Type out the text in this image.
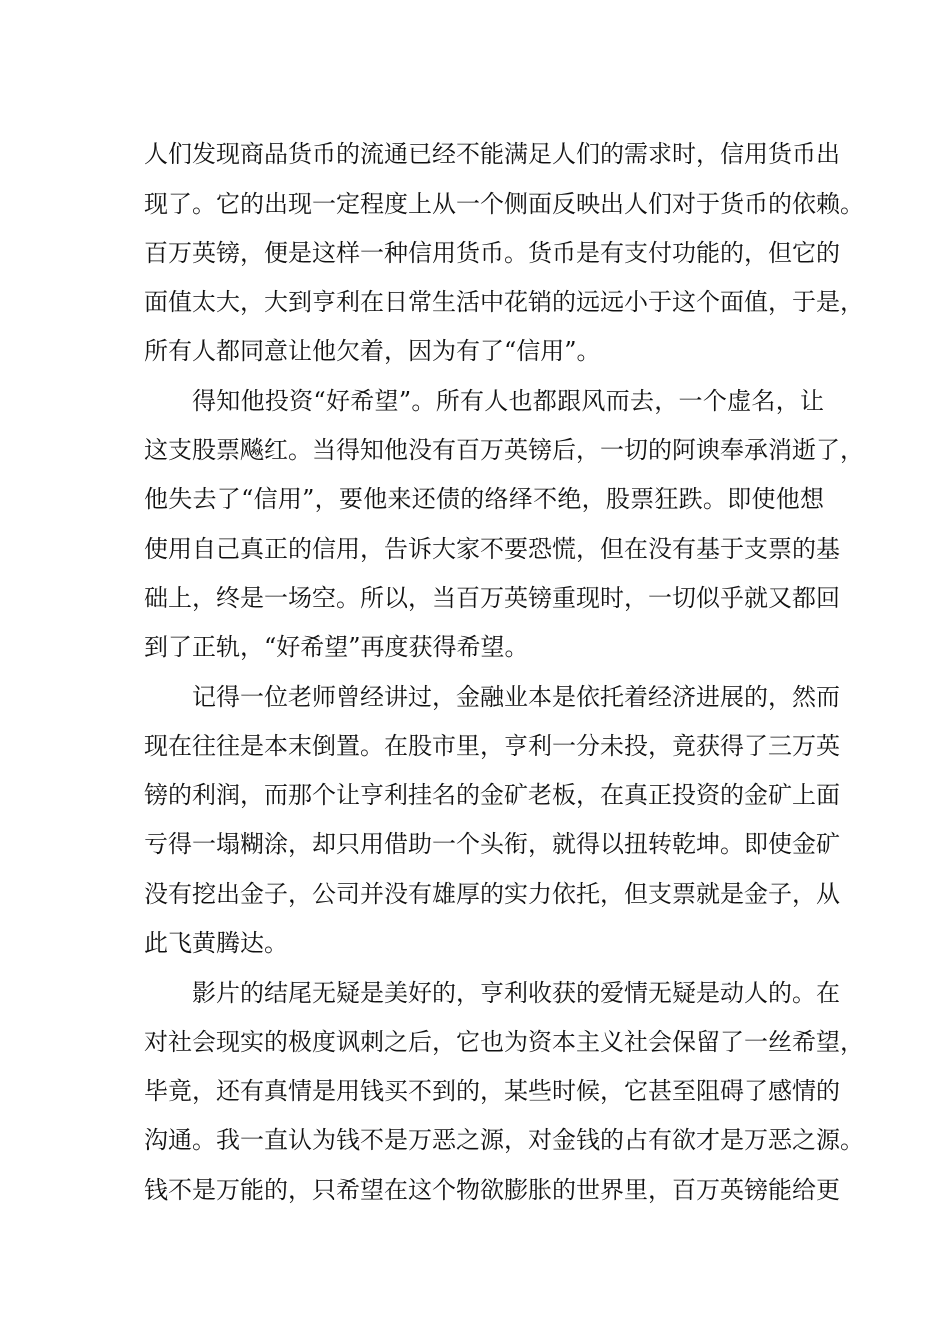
人们发现商品货币的流通已经不能满足人们的需求时，信用货币出
现了。它的出现一定程度上从一个侧面反映出人们对于货币的依赖。
百万英镑，便是这样一种信用货币。货币是有支付功能的，但它的
面值太大，大到亨利在日常生活中花销的远远小于这个面值，于是，
所有人都同意让他欠着，因为有了“信用”。
得知他投资“好希望”。所有人也都跟风而去，一个虚名，让
这支股票飚红。当得知他没有百万英镑后，一切的阿谀奉承消逝了，
他失去了“信用”，要他来还债的络绎不绝，股票狂跌。即使他想
使用自己真正的信用，告诉大家不要恐慌，但在没有基于支票的基
础上，终是一场空。所以，当百万英镑重现时，一切似乎就又都回
到了正轨，“好希望”再度获得希望。
记得一位老师曾经讲过，金融业本是依托着经济进展的，然而
现在往往是本末倒置。在股市里，亨利一分未投，竟获得了三万英
镑的利润，而那个让亨利挂名的金矿老板，在真正投资的金矿上面
亏得一塌糊涂，却只用借助一个头衔，就得以扭转乾坤。即使金矿
没有挖出金子，公司并没有雄厚的实力依托，但支票就是金子，从
此飞黄腾达。
影片的结尾无疑是美好的，亨利收获的爱情无疑是动人的。在
对社会现实的极度讽刺之后，它也为资本主义社会保留了一丝希望，
毕竟，还有真情是用钱买不到的，某些时候，它甚至阻碍了感情的
沟通。我一直认为钱不是万恶之源，对金钱的占有欲才是万恶之源。
钱不是万能的，只希望在这个物欲膨胀的世界里，百万英镑能给更
